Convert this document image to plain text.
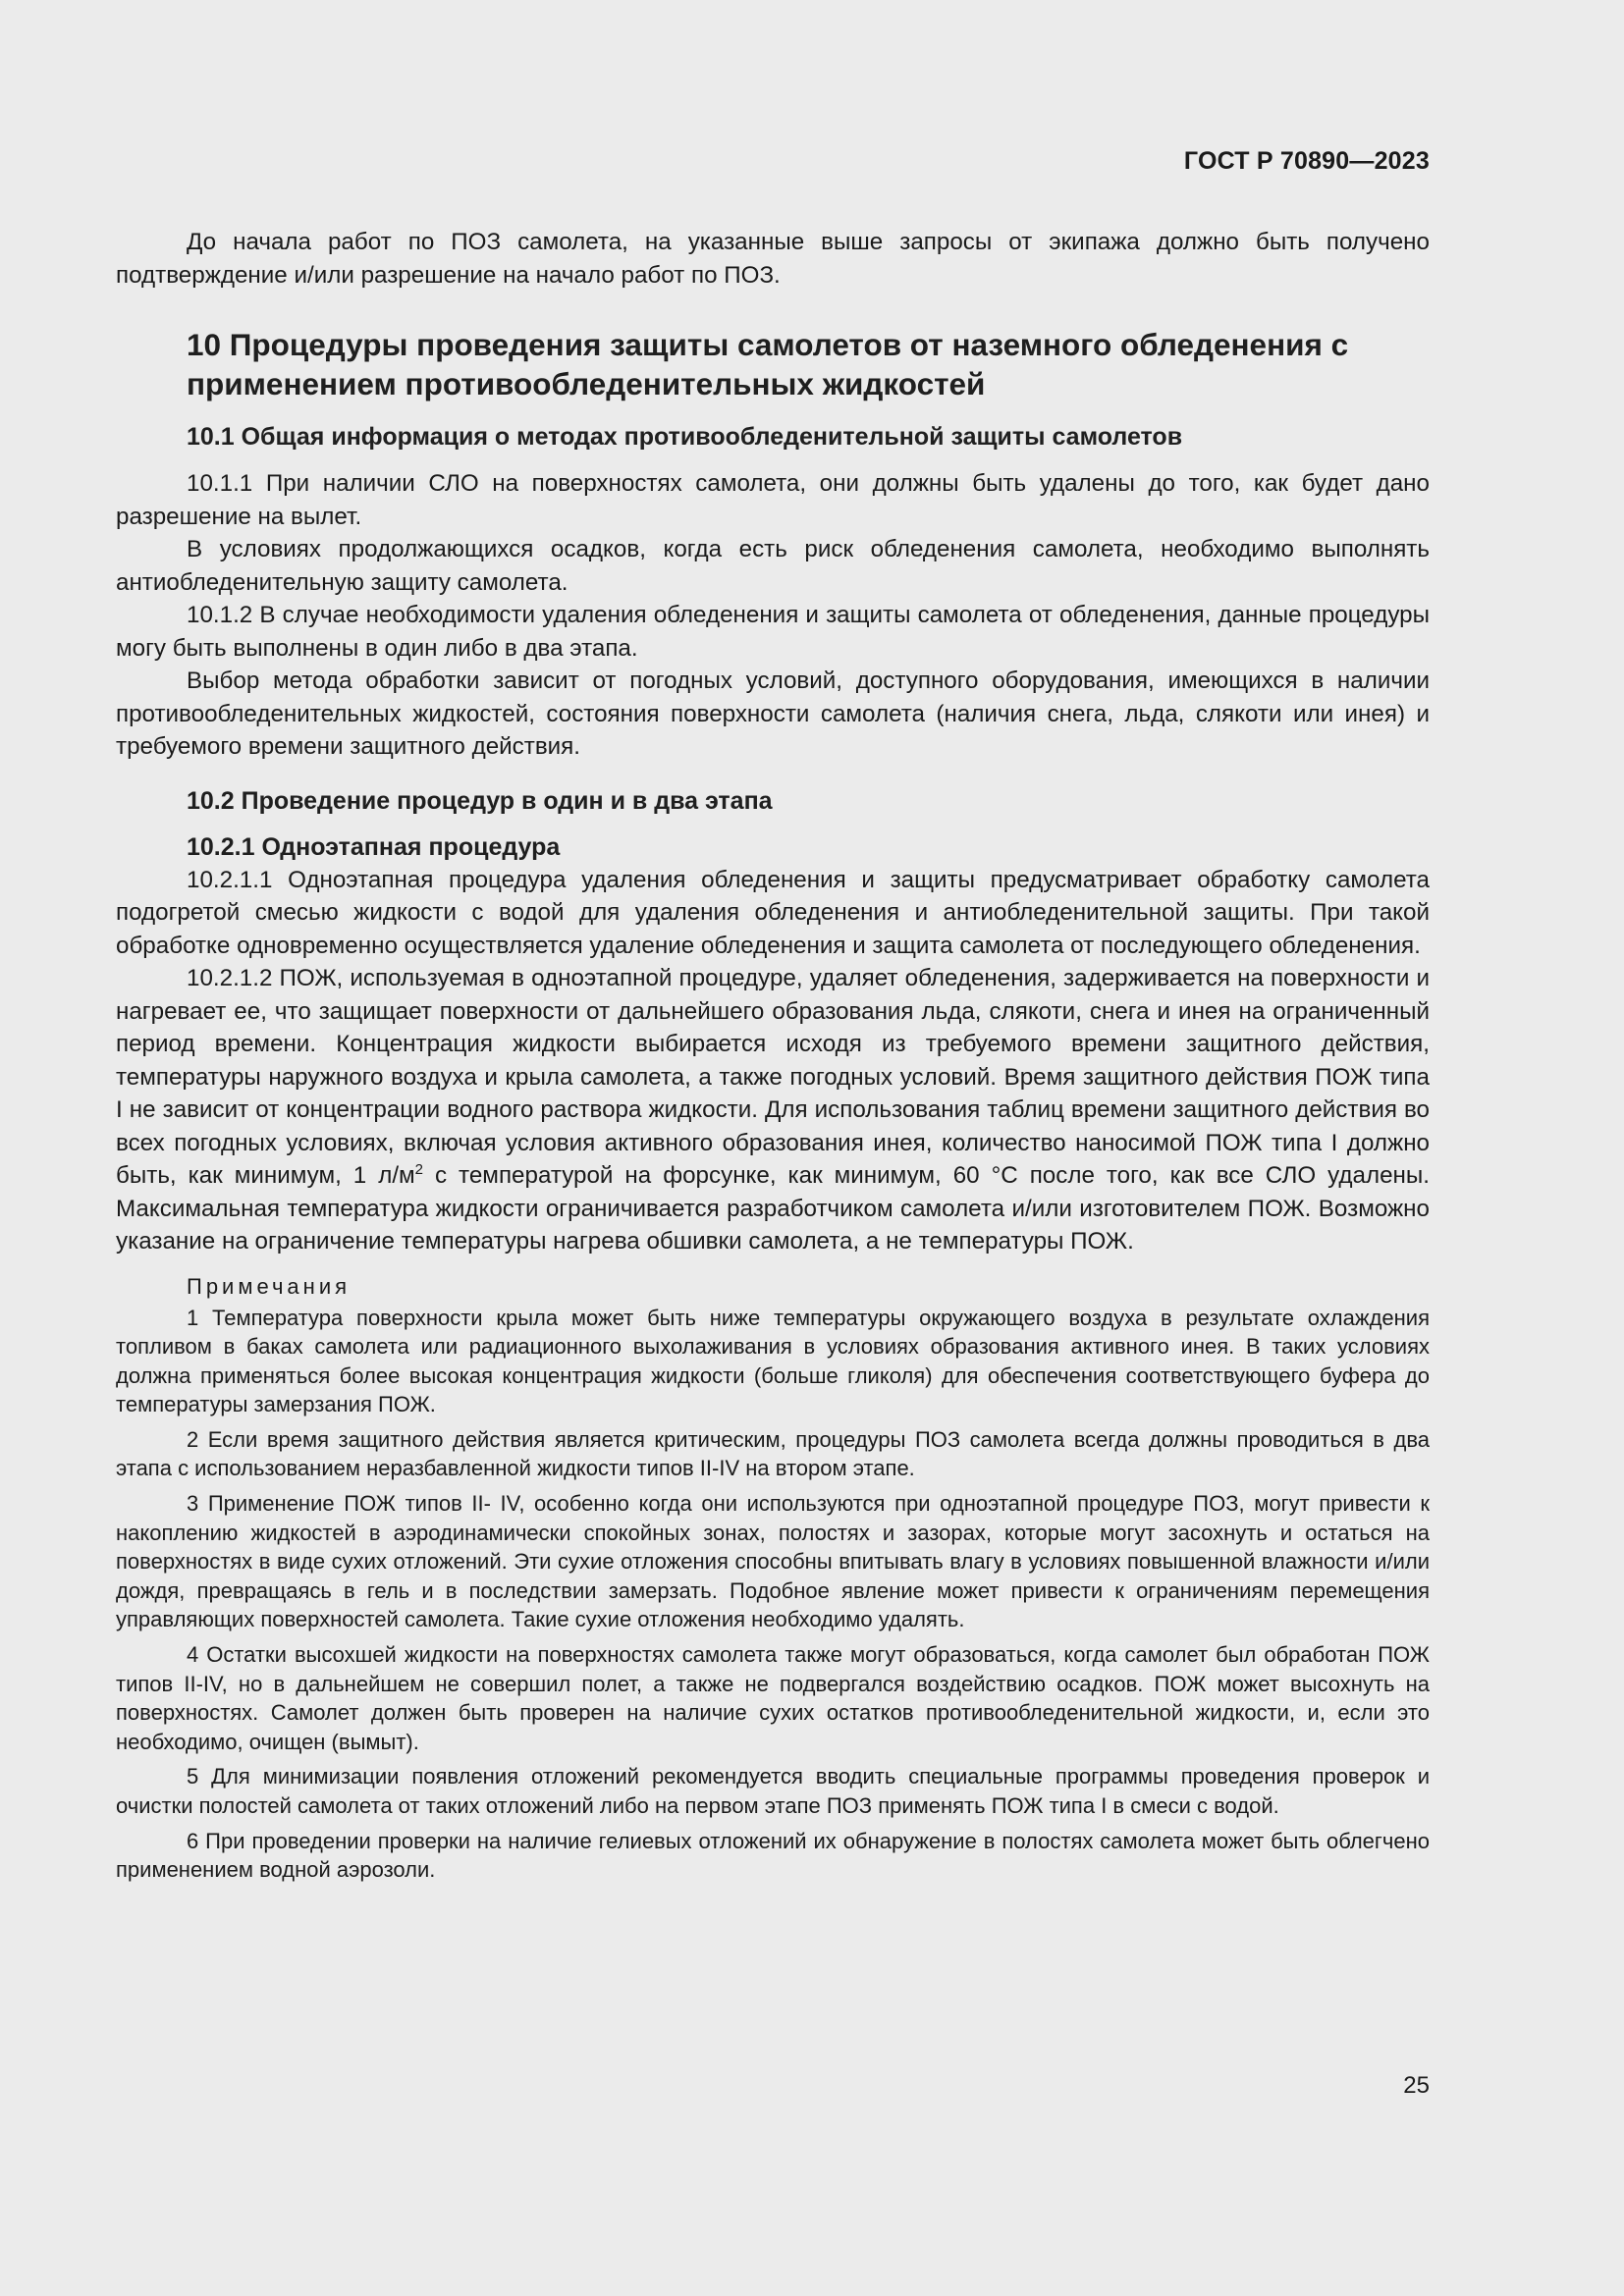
ГОСТ Р 70890—2023

До начала работ по ПОЗ самолета, на указанные выше запросы от экипажа должно быть получено подтверждение и/или разрешение на начало работ по ПОЗ.

10 Процедуры проведения защиты самолетов от наземного обледенения с применением противообледенительных жидкостей
10.1 Общая информация о методах противообледенительной защиты самолетов

10.1.1 При наличии СЛО на поверхностях самолета, они должны быть удалены до того, как будет дано разрешение на вылет.

В условиях продолжающихся осадков, когда есть риск обледенения самолета, необходимо выполнять антиобледенительную защиту самолета.

10.1.2 В случае необходимости удаления обледенения и защиты самолета от обледенения, данные процедуры могу быть выполнены в один либо в два этапа.

Выбор метода обработки зависит от погодных условий, доступного оборудования, имеющихся в наличии противообледенительных жидкостей, состояния поверхности самолета (наличия снега, льда, слякоти или инея) и требуемого времени защитного действия.

10.2 Проведение процедур в один и в два этапа
10.2.1 Одноэтапная процедура

10.2.1.1 Одноэтапная процедура удаления обледенения и защиты предусматривает обработку самолета подогретой смесью жидкости с водой для удаления обледенения и антиобледенительной защиты. При такой обработке одновременно осуществляется удаление обледенения и защита самолета от последующего обледенения.

10.2.1.2 ПОЖ, используемая в одноэтапной процедуре, удаляет обледенения, задерживается на поверхности и нагревает ее, что защищает поверхности от дальнейшего образования льда, слякоти, снега и инея на ограниченный период времени. Концентрация жидкости выбирается исходя из требуемого времени защитного действия, температуры наружного воздуха и крыла самолета, а также погодных условий. Время защитного действия ПОЖ типа I не зависит от концентрации водного раствора жидкости. Для использования таблиц времени защитного действия во всех погодных условиях, включая условия активного образования инея, количество наносимой ПОЖ типа I должно быть, как минимум, 1 $л/м^2$ с температурой на форсунке, как минимум, 60 °С после того, как все СЛО удалены. Максимальная температура жидкости ограничивается разработчиком самолета и/или изготовителем ПОЖ. Возможно указание на ограничение температуры нагрева обшивки самолета, а не температуры ПОЖ.

Примечания

1 Температура поверхности крыла может быть ниже температуры окружающего воздуха в результате охлаждения топливом в баках самолета или радиационного выхолаживания в условиях образования активного инея. В таких условиях должна применяться более высокая концентрация жидкости (больше гликоля) для обеспечения соответствующего буфера до температуры замерзания ПОЖ.

2 Если время защитного действия является критическим, процедуры ПОЗ самолета всегда должны проводиться в два этапа с использованием неразбавленной жидкости типов II-IV на втором этапе.

3 Применение ПОЖ типов II- IV, особенно когда они используются при одноэтапной процедуре ПОЗ, могут привести к накоплению жидкостей в аэродинамически спокойных зонах, полостях и зазорах, которые могут засохнуть и остаться на поверхностях в виде сухих отложений. Эти сухие отложения способны впитывать влагу в условиях повышенной влажности и/или дождя, превращаясь в гель и в последствии замерзать. Подобное явление может привести к ограничениям перемещения управляющих поверхностей самолета. Такие сухие отложения необходимо удалять.

4 Остатки высохшей жидкости на поверхностях самолета также могут образоваться, когда самолет был обработан ПОЖ типов II-IV, но в дальнейшем не совершил полет, а также не подвергался воздействию осадков. ПОЖ может высохнуть на поверхностях. Самолет должен быть проверен на наличие сухих остатков противообледенительной жидкости, и, если это необходимо, очищен (вымыт).

5 Для минимизации появления отложений рекомендуется вводить специальные программы проведения проверок и очистки полостей самолета от таких отложений либо на первом этапе ПОЗ применять ПОЖ типа I в смеси с водой.

6 При проведении проверки на наличие гелиевых отложений их обнаружение в полостях самолета может быть облегчено применением водной аэрозоли.

25
